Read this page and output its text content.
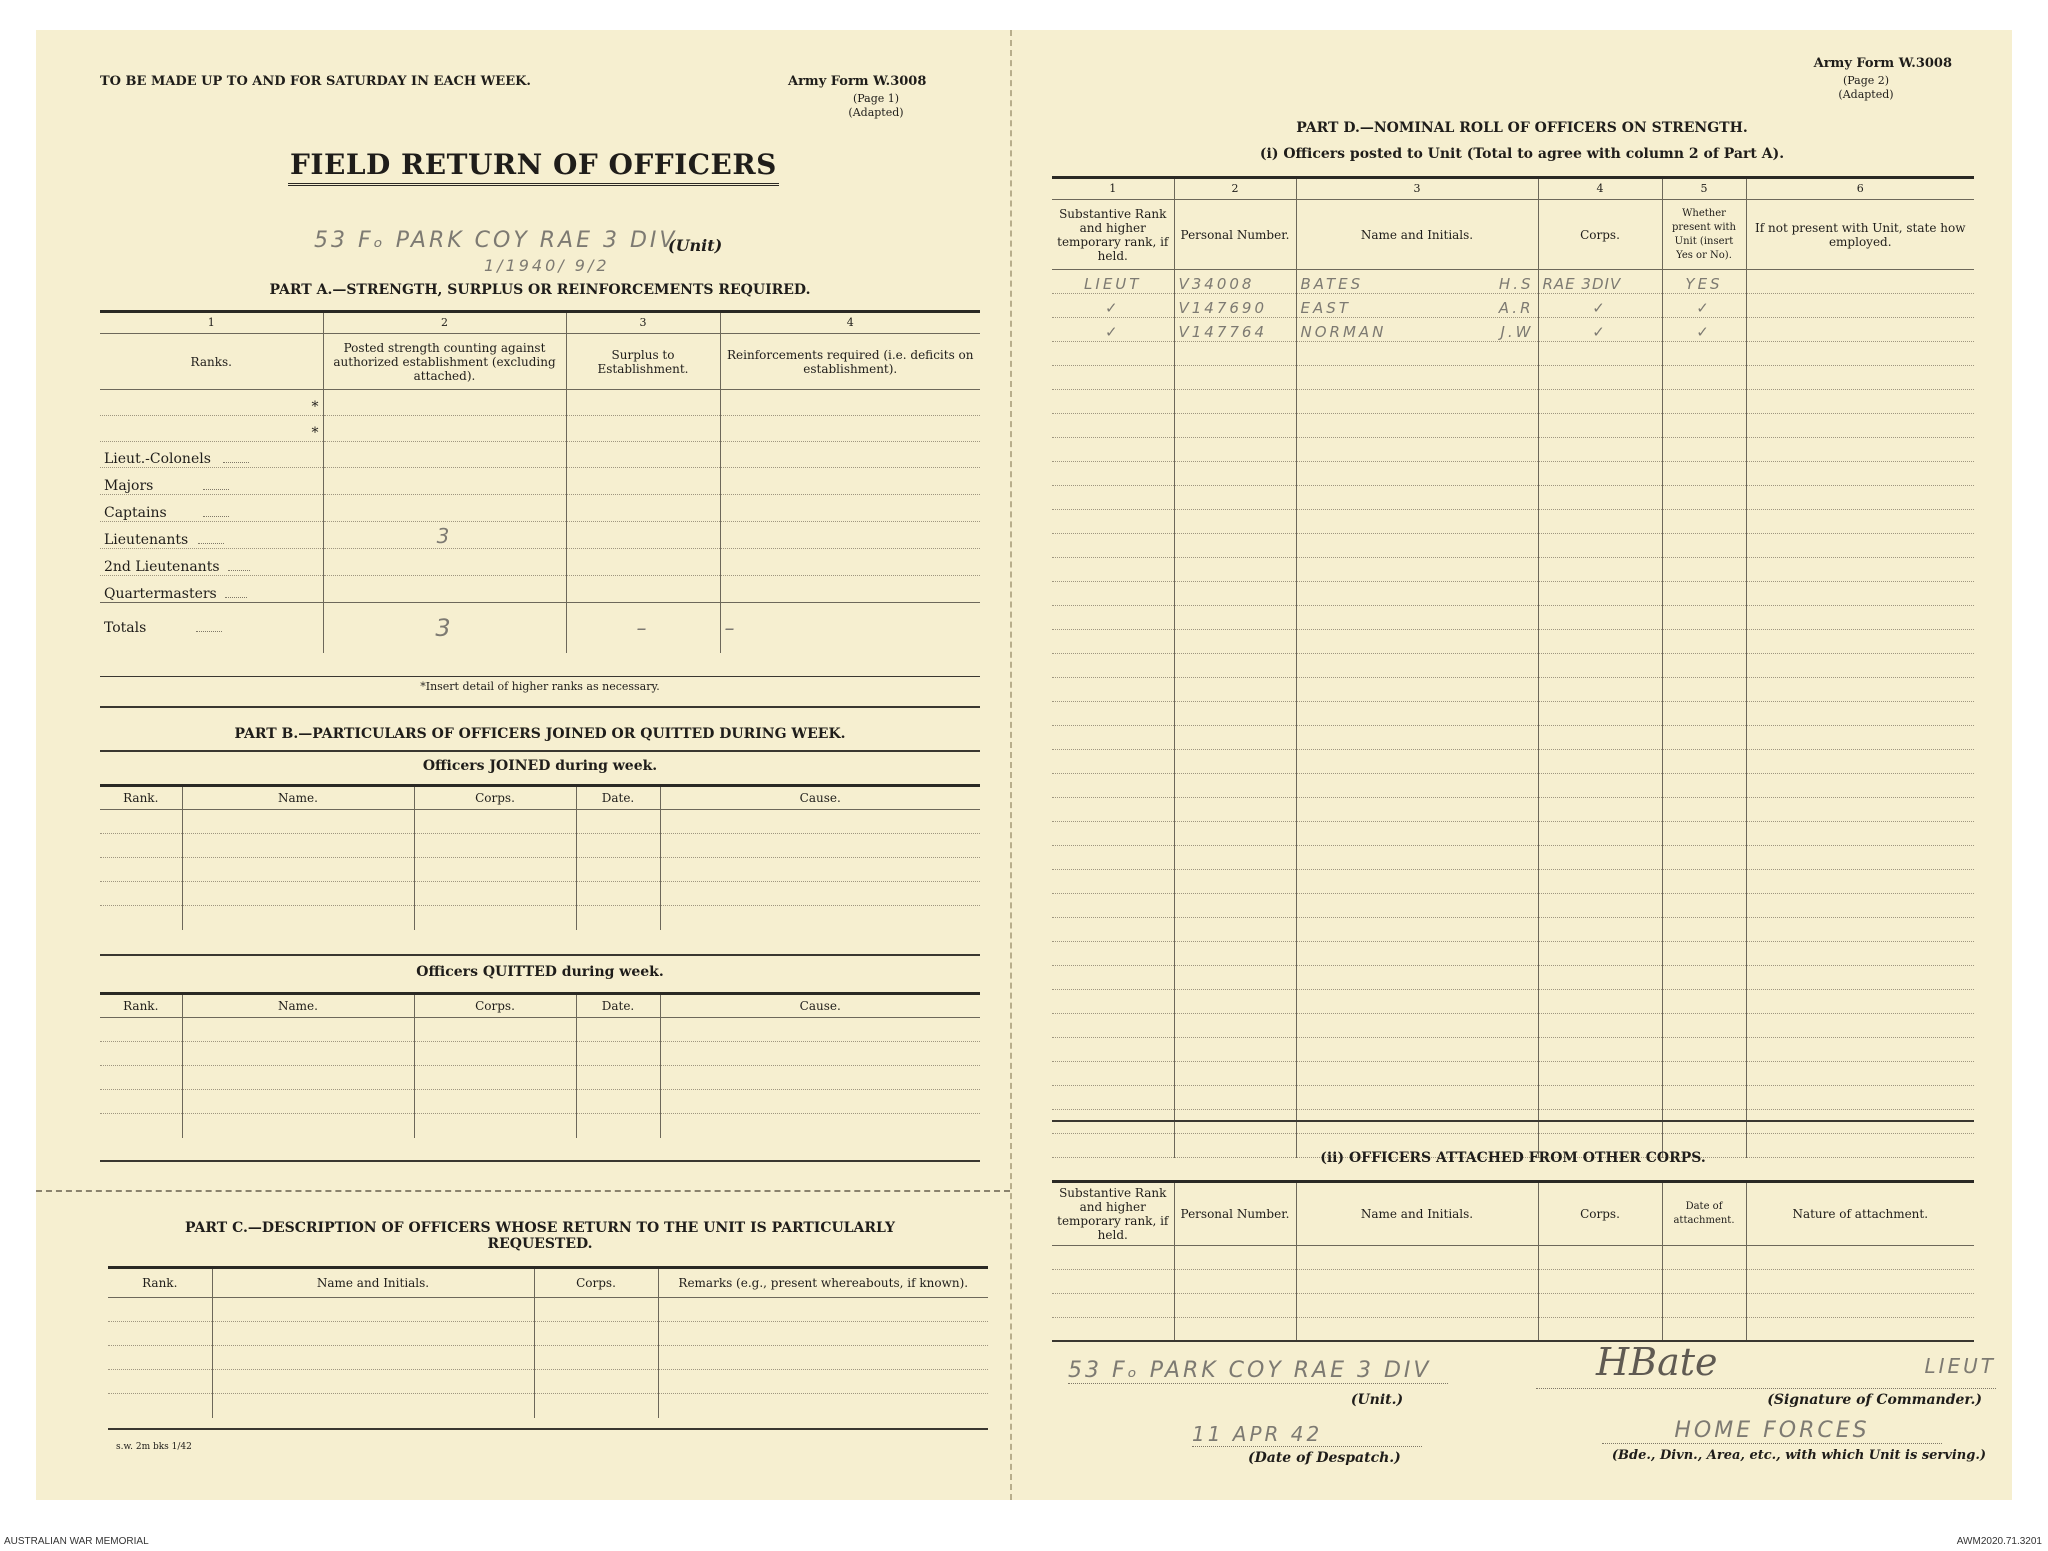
TO BE MADE UP TO AND FOR SATURDAY IN EACH WEEK.	Army Form W.3008
(Page 1)
(Adapted)
FIELD RETURN OF OFFICERS
53 Fₒ PARK COY RAE 3 DIV
(Unit)
1/1940/ 9/2
PART A.—STRENGTH, SURPLUS OR REINFORCEMENTS REQUIRED.
1	2	3	4
Ranks.	Posted strength counting against authorized establishment (excluding attached).	Surplus to Establishment.	Reinforcements required (i.e. deficits on establishment).

*			

*			

Lieut.-Colonels			
Majors			
Captains			
Lieutenants	3		
2nd Lieutenants			
Quartermasters			
Totals	3	–	–
*Insert detail of higher ranks as necessary.
PART B.—PARTICULARS OF OFFICERS JOINED OR QUITTED DURING WEEK.
Officers JOINED during week.
Rank.	Name.	Corps.	Date.	Cause.

Officers QUITTED during week.
Rank.	Name.	Corps.	Date.	Cause.

PART C.—DESCRIPTION OF OFFICERS WHOSE RETURN TO THE UNIT IS PARTICULARLY
REQUESTED.
Rank.	Name and Initials.	Corps.	Remarks (e.g., present whereabouts, if known).

s.w. 2m bks 1/42
Army Form W.3008
(Page 2)
(Adapted)
PART D.—NOMINAL ROLL OF OFFICERS ON STRENGTH.
(i) Officers posted to Unit (Total to agree with column 2 of Part A).
1	2	3	4	5	6
Substantive Rank and higher temporary rank, if held.	Personal Number.	Name and Initials.	Corps.	Whether present with Unit (insert Yes or No).	If not present with Unit, state how employed.
LIEUT	V34008	BATES H.S	RAE 3DIV	YES	
✓	V147690	EAST A.R	✓	✓	
✓	V147764	NORMAN J.W	✓	✓	

(ii) OFFICERS ATTACHED FROM OTHER CORPS.
Substantive Rank and higher temporary rank, if held.	Personal Number.	Name and Initials.	Corps.	Date of attachment.	Nature of attachment.

53 Fₒ PARK COY RAE 3 DIV
(Unit.)
HBate	LIEUT
(Signature of Commander.)
11 APR 42
(Date of Despatch.)
HOME FORCES
(Bde., Divn., Area, etc., with which Unit is serving.)
AUSTRALIAN WAR MEMORIAL	AWM2020.71.3201
